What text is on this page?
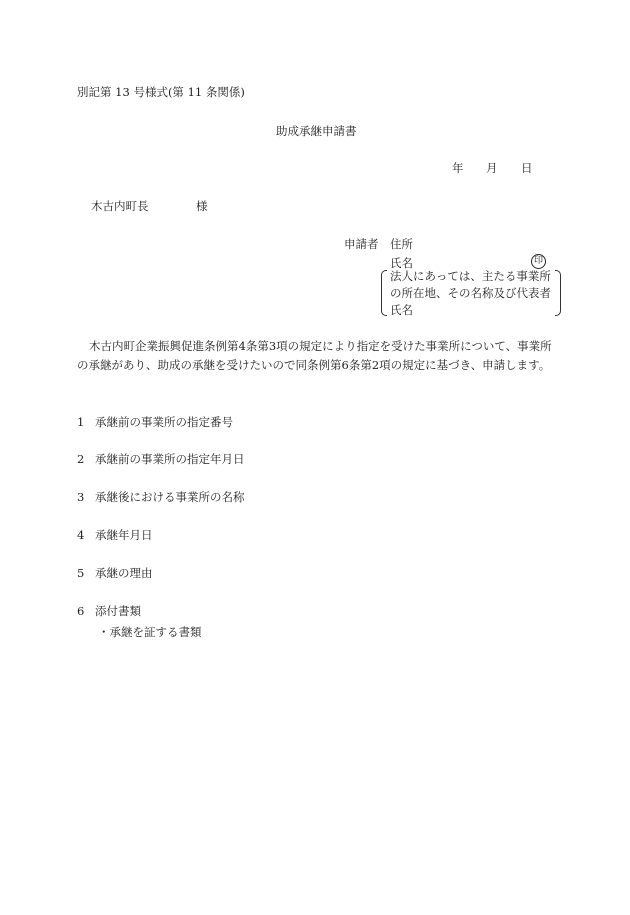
別記第 13 号様式(第 11 条関係)
助成承継申請書
年 月 日
木古内町長	様
申請者 住所
氏名	印
法人にあっては、主たる事業所
の所在地、その名称及び代表者
氏名
木古内町企業振興促進条例第4条第3項の規定により指定を受けた事業所について、事業所の承継があり、助成の承継を受けたいので同条例第6条第2項の規定に基づき、申請します。
1 承継前の事業所の指定番号
2 承継前の事業所の指定年月日
3 承継後における事業所の名称
4 承継年月日
5 承継の理由
6 添付書類
・承継を証する書類
